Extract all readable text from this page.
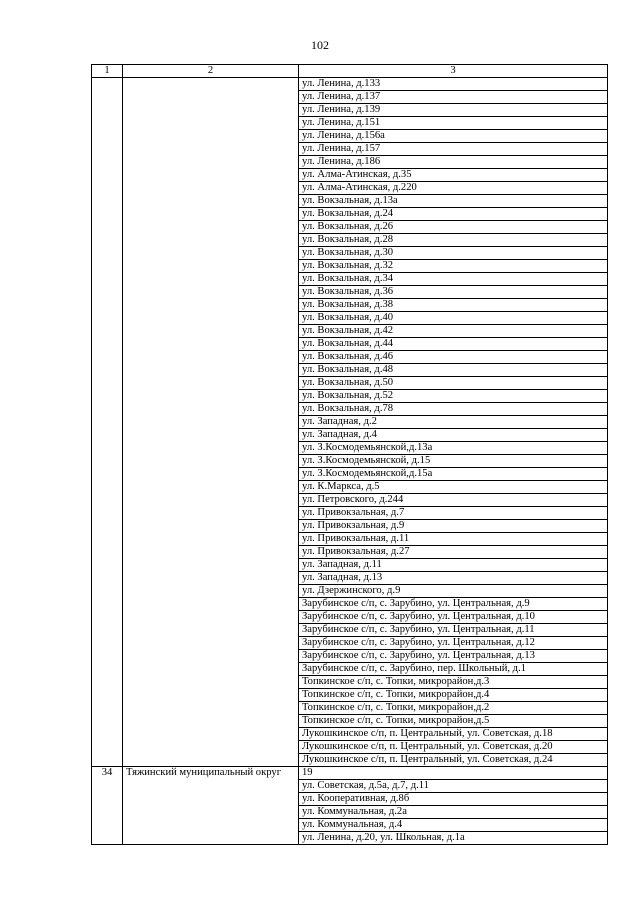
102
1	2	3
		ул. Ленина, д.133
		ул. Ленина, д.137
		ул. Ленина, д.139
		ул. Ленина, д.151
		ул. Ленина, д.156а
		ул. Ленина, д.157
		ул. Ленина, д.186
		ул. Алма-Атинская, д.35
		ул. Алма-Атинская, д.220
		ул. Вокзальная, д.13а
		ул. Вокзальная, д.24
		ул. Вокзальная, д.26
		ул. Вокзальная, д.28
		ул. Вокзальная, д.30
		ул. Вокзальная, д.32
		ул. Вокзальная, д.34
		ул. Вокзальная, д.36
		ул. Вокзальная, д.38
		ул. Вокзальная, д.40
		ул. Вокзальная, д.42
		ул. Вокзальная, д.44
		ул. Вокзальная, д.46
		ул. Вокзальная, д.48
		ул. Вокзальная, д.50
		ул. Вокзальная, д.52
		ул. Вокзальная, д.78
		ул. Западная, д.2
		ул. Западная, д.4
		ул. З.Космодемьянской,д.13а
		ул. З.Космодемьянской, д.15
		ул. З.Космодемьянской,д.15а
		ул. К.Маркса, д.5
		ул. Петровского, д.244
		ул. Привокзальная, д.7
		ул. Привокзальная, д.9
		ул. Привокзальная, д.11
		ул. Привокзальная, д.27
		ул. Западная, д.11
		ул. Западная, д.13
		ул. Дзержинского, д.9
		Зарубинское с/п, с. Зарубино, ул. Центральная, д.9
		Зарубинское с/п, с. Зарубино, ул. Центральная, д.10
		Зарубинское с/п, с. Зарубино, ул. Центральная, д.11
		Зарубинское с/п, с. Зарубино, ул. Центральная, д.12
		Зарубинское с/п, с. Зарубино, ул. Центральная, д.13
		Зарубинское с/п, с. Зарубино, пер. Школьный, д.1
		Топкинское с/п, с. Топки, микрорайон,д.3
		Топкинское с/п, с. Топки, микрорайон,д.4
		Топкинское с/п, с. Топки, микрорайон,д.2
		Топкинское с/п, с. Топки, микрорайон,д.5
		Лукошкинское с/п, п. Центральный, ул. Советская, д.18
		Лукошкинское с/п, п. Центральный, ул. Советская, д.20
		Лукошкинское с/п, п. Центральный, ул. Советская, д.24
34	Тяжинский муниципальный округ	19
		ул. Советская, д.5а, д.7, д.11
		ул. Кооперативная, д.8б
		ул. Коммунальная, д.2а
		ул. Коммунальная, д.4
		ул. Ленина, д.20, ул. Школьная, д.1а
